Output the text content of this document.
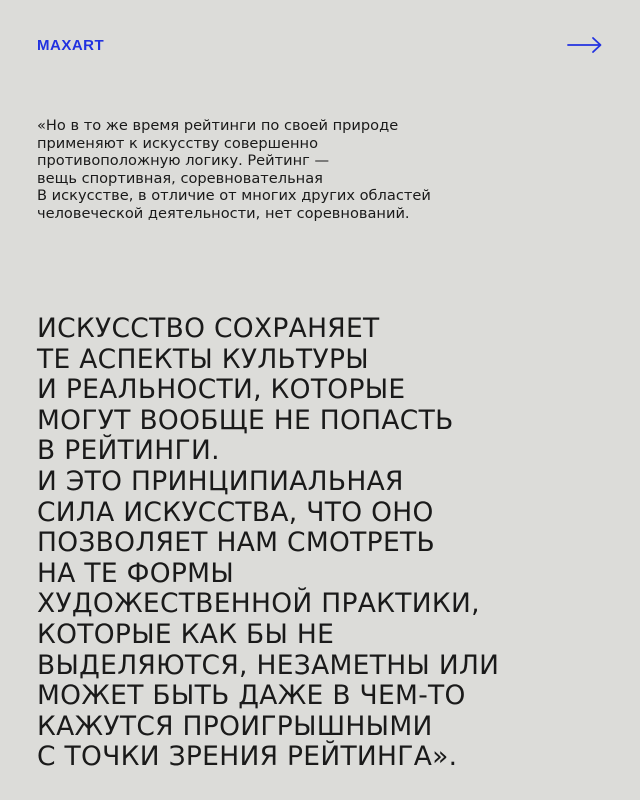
MAXART

«Но в то же время рейтинги по своей природе
применяют к искусству совершенно
противоположную логику. Рейтинг —
вещь спортивная, соревновательная
В искусстве, в отличие от многих других областей
человеческой деятельности, нет соревнований.

ИСКУССТВО СОХРАНЯЕТ
ТЕ АСПЕКТЫ КУЛЬТУРЫ
И РЕАЛЬНОСТИ, КОТОРЫЕ
МОГУТ ВООБЩЕ НЕ ПОПАСТЬ
В РЕЙТИНГИ.
И ЭТО ПРИНЦИПИАЛЬНАЯ
СИЛА ИСКУССТВА, ЧТО ОНО
ПОЗВОЛЯЕТ НАМ СМОТРЕТЬ
НА ТЕ ФОРМЫ
ХУДОЖЕСТВЕННОЙ ПРАКТИКИ,
КОТОРЫЕ КАК БЫ НЕ
ВЫДЕЛЯЮТСЯ, НЕЗАМЕТНЫ ИЛИ
МОЖЕТ БЫТЬ ДАЖЕ В ЧЕМ-ТО
КАЖУТСЯ ПРОИГРЫШНЫМИ
С ТОЧКИ ЗРЕНИЯ РЕЙТИНГА».
